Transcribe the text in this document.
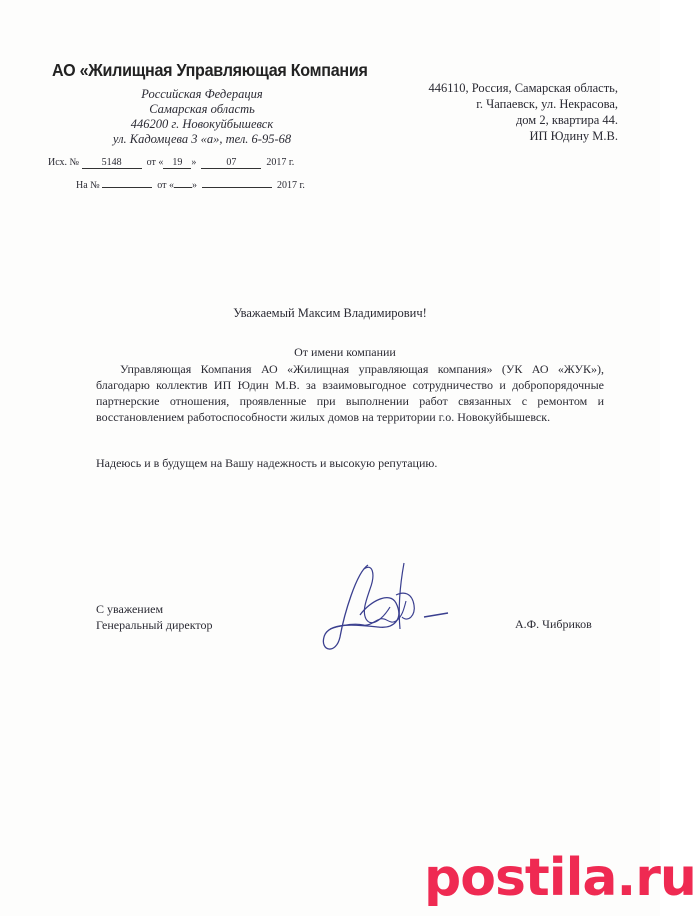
АО «Жилищная Управляющая Компания
Российская Федерация
Самарская область
446200 г. Новокуйбышевск
ул. Кадомцева 3 «а», тел. 6-95-68
Исх. № 5148	от « 19 »	07	2017 г.
На №	от « »	2017 г.
446110, Россия, Самарская область,
г. Чапаевск, ул. Некрасова,
дом 2, квартира 44.
ИП Юдину М.В.
Уважаемый Максим Владимирович!
От имени компании

Управляющая Компания АО «Жилищная управляющая компания» (УК АО «ЖУК»), благодарю коллектив ИП Юдин М.В. за взаимовыгодное сотрудничество и добропорядочные партнерские отношения, проявленные при выполнении работ связанных с ремонтом и восстановлением работоспособности жилых домов на территории г.о. Новокуйбышевск.

Надеюсь и в будущем на Вашу надежность и высокую репутацию.
С уважением
Генеральный директор	А.Ф. Чибриков
postila.ru
